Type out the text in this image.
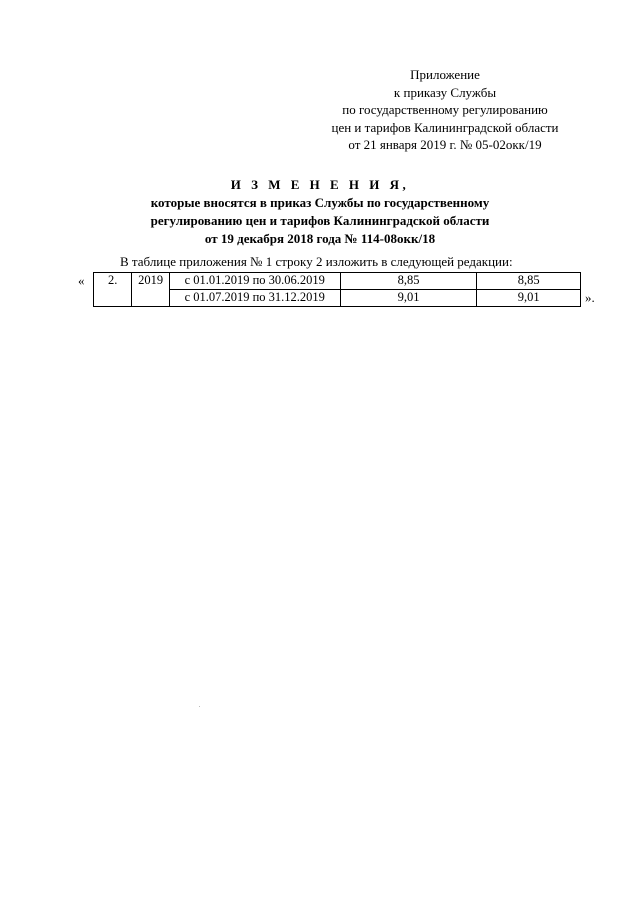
Приложение
к приказу Службы
по государственному регулированию
цен и тарифов Калининградской области
от 21 января 2019 г. № 05-02окк/19
И З М Е Н Е Н И Я,
которые вносятся в приказ Службы по государственному
регулированию цен и тарифов Калининградской области
от 19 декабря 2018 года № 114-08окк/18
В таблице приложения № 1 строку 2 изложить в следующей редакции:
« 2.	2019	с 01.01.2019 по 30.06.2019	8,85	8,85
		с 01.07.2019 по 31.12.2019	9,01	9,01	».
